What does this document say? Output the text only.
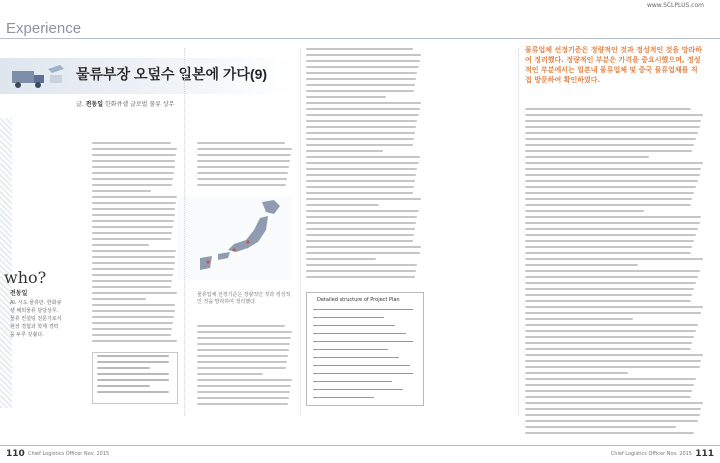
www.SCLPLUS.com
Experience
물류부장 오덮수 일본에 가다(9)
글. 전동일 한화큐셀 글로벌 물류 상무
who?
전동일
Al. 서도 물류만. 한화큐셀 해외물류 담당상무. 물류 컨설팅 전문가로서 현장 경험과 학계 경력을 두루 갖췄다.
물류업체 선정기준은 정량적인 것과 정성적인 것을 망라하여 정리했다.	Detailed structure of Project Plan
물류업체 선정기준은 정량적인 것과 정성적인 것을 망라하여 정리했다. 정량적인 부분은 가격을 중요시했으며, 정성적인 부분에서는 일본내 물류업체 및 중국 물류업체를 직접 방문하여 확인하였다.
110 Chief Logistics Officer Nov. 2015	Chief Logistics Officer Nov. 2015 111
